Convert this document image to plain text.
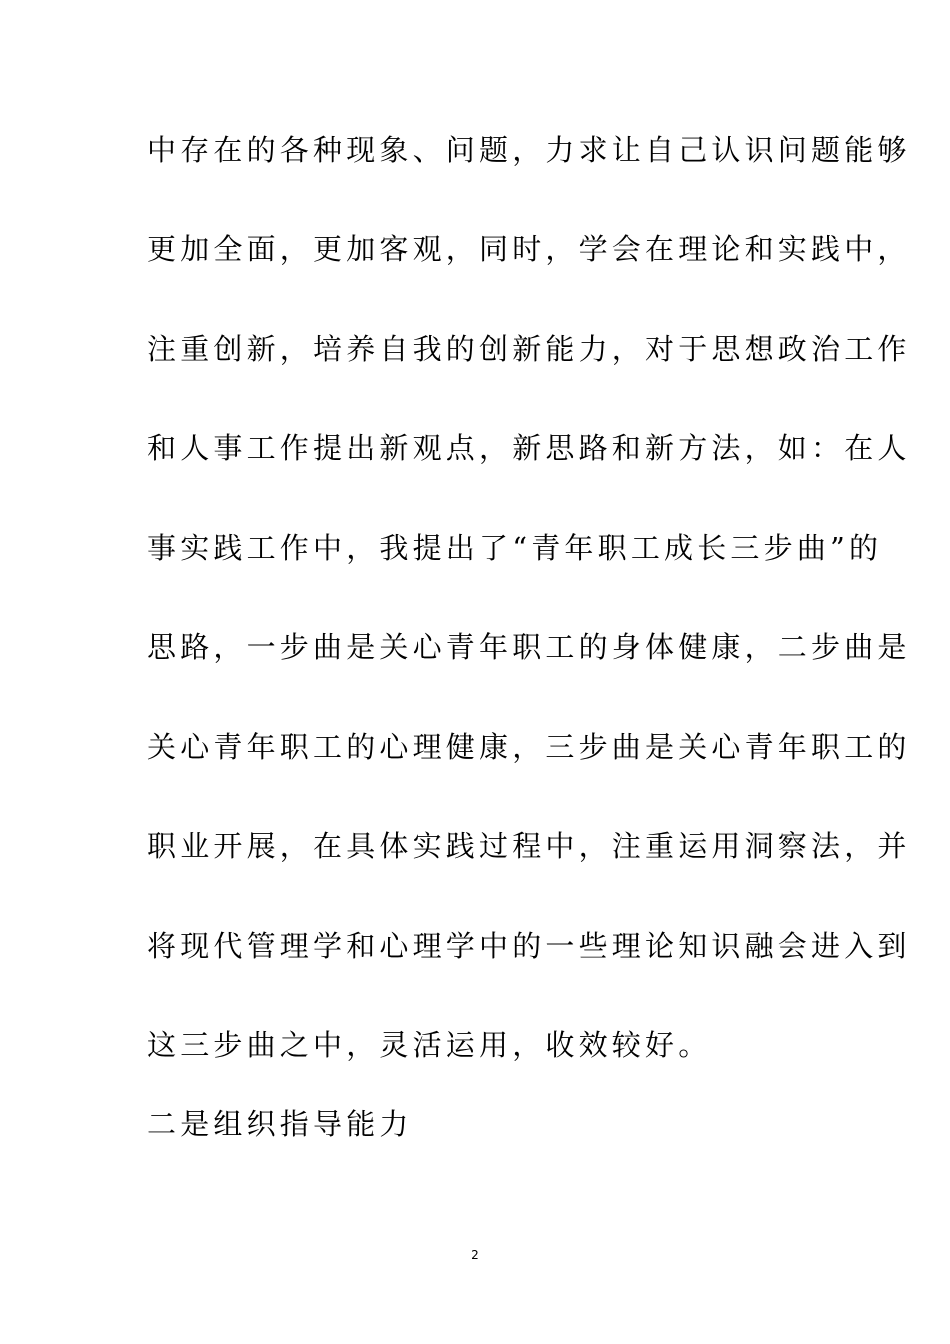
中存在的各种现象、问题，力求让自己认识问题能够
更加全面，更加客观，同时，学会在理论和实践中，
注重创新，培养自我的创新能力，对于思想政治工作
和人事工作提出新观点，新思路和新方法，如：在人
事实践工作中，我提出了“青年职工成长三步曲”的
思路，一步曲是关心青年职工的身体健康，二步曲是
关心青年职工的心理健康，三步曲是关心青年职工的
职业开展，在具体实践过程中，注重运用洞察法，并
将现代管理学和心理学中的一些理论知识融会进入到
这三步曲之中，灵活运用，收效较好。
二是组织指导能力
2
